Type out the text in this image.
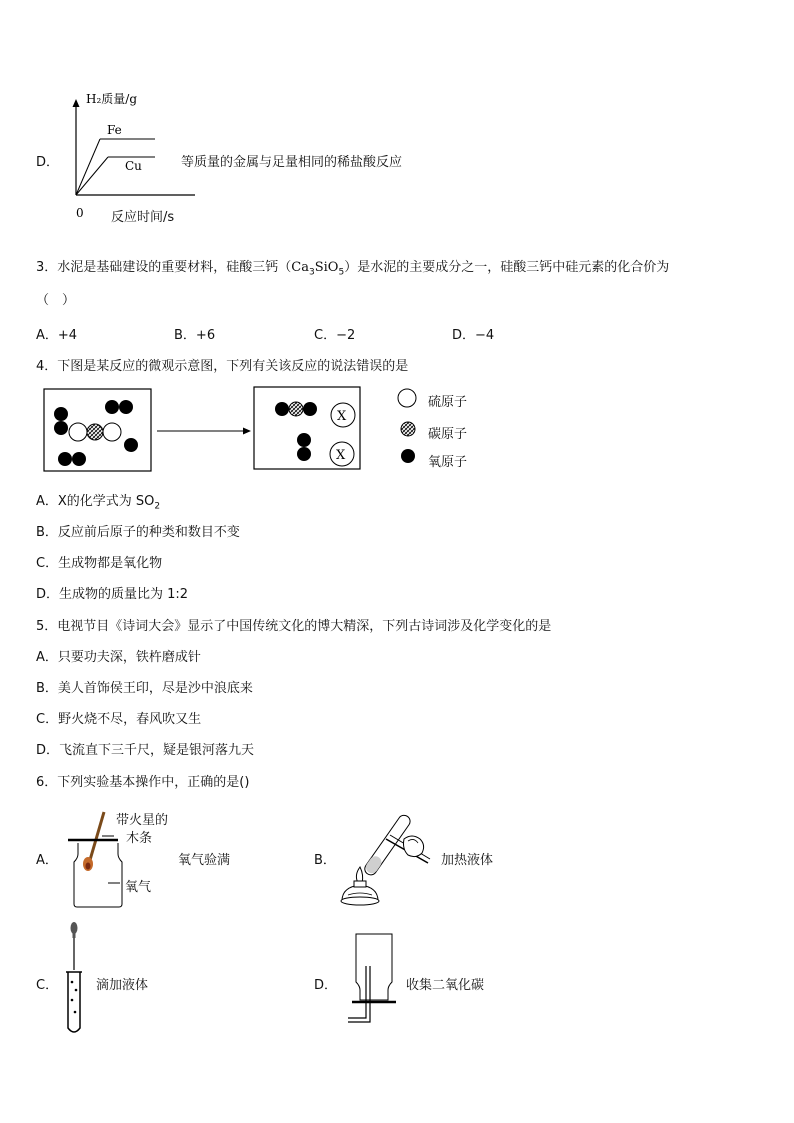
D．
H₂质量/g
Fe
Cu
0 反应时间/s
等质量的金属与足量相同的稀盐酸反应
3．水泥是基础建设的重要材料，硅酸三钙$(Ca_3SiO_5)$是水泥的主要成分之一，硅酸三钙中硅元素的化合价为
（　）
A．+4	B．+6	C．−2	D．−4
4．下图是某反应的微观示意图，下列有关该反应的说法错误的是
X
X
硫原子
碳原子
氧原子
A．X的化学式为 $SO_2$
B．反应前后原子的种类和数目不变
C．生成物都是氧化物
D．生成物的质量比为 1:2
5．电视节目《诗词大会》显示了中国传统文化的博大精深，下列古诗词涉及化学变化的是
A．只要功夫深，铁杵磨成针
B．美人首饰侯王印，尽是沙中浪底来
C．野火烧不尽，春风吹又生
D．飞流直下三千尺，疑是银河落九天
6．下列实验基本操作中，正确的是()
A．
带火星的
木条
氧气
氧气验满	B．	加热液体
C．	滴加液体	D．	收集二氧化碳
